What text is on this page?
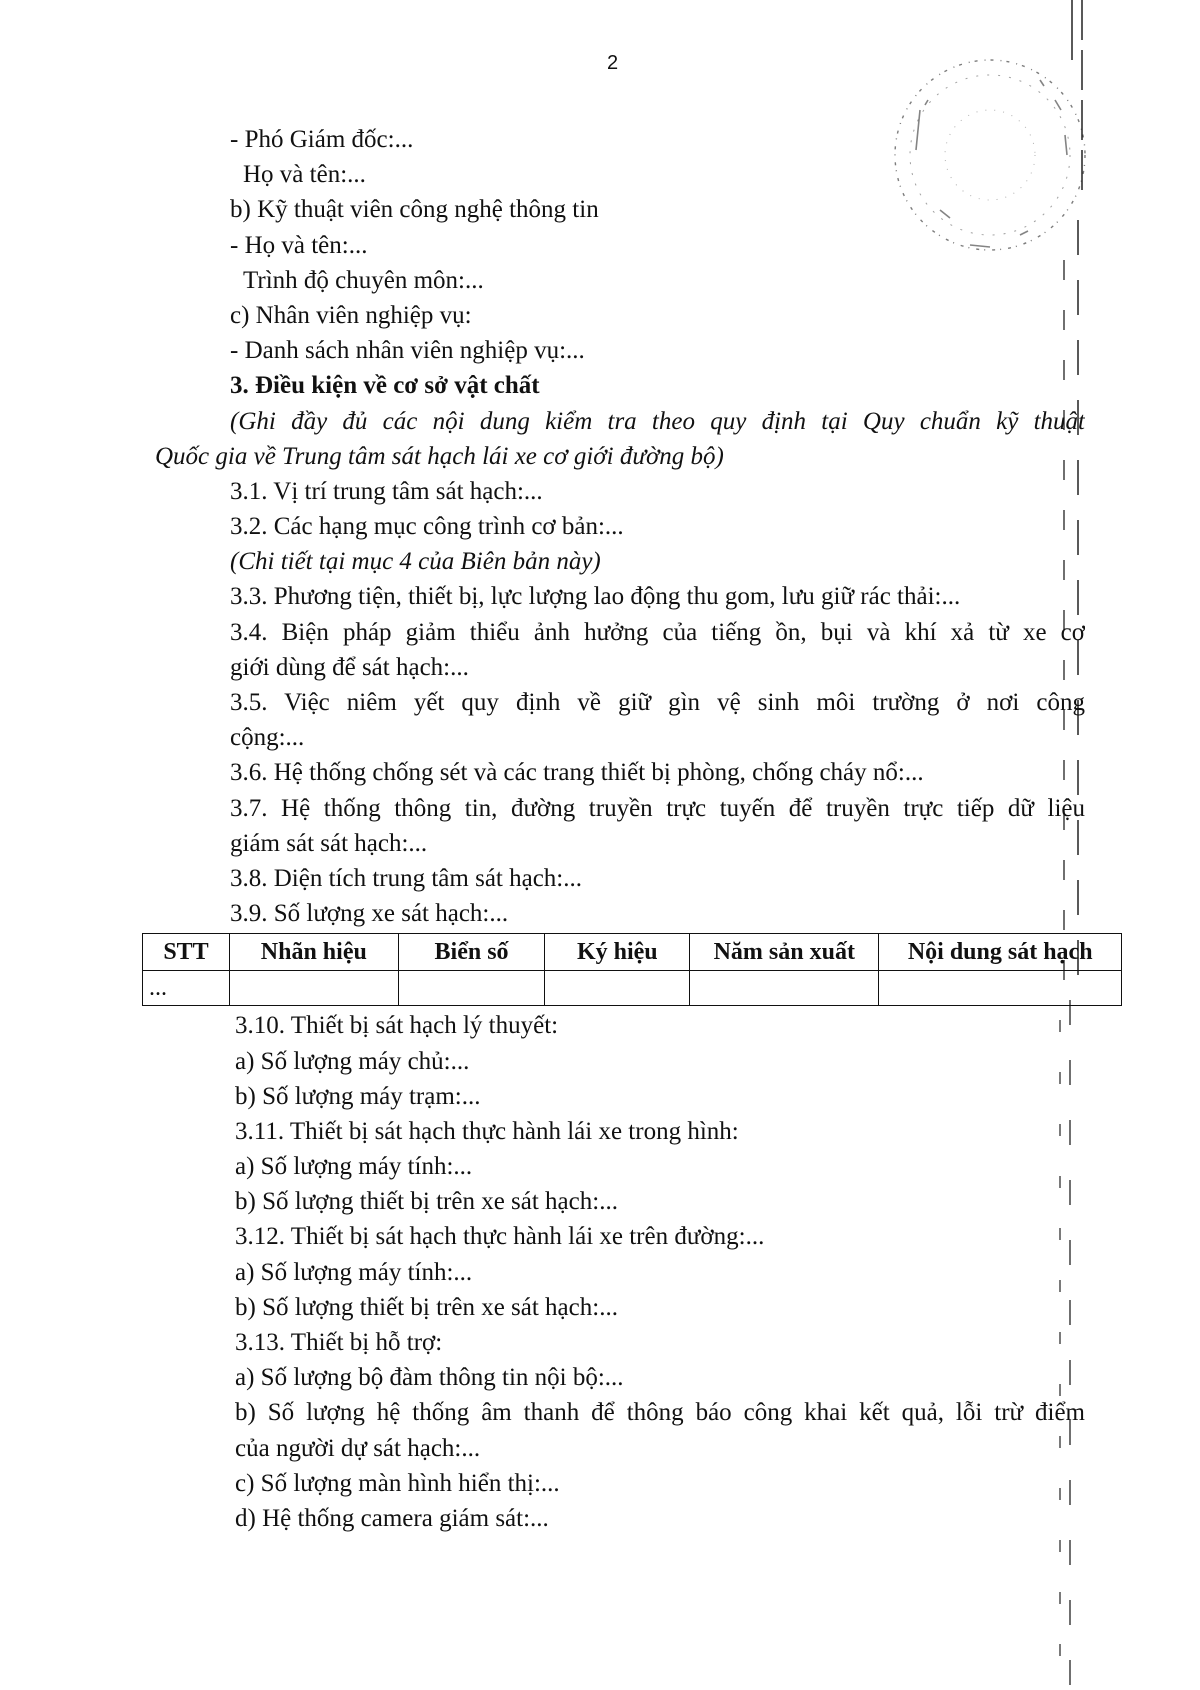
2
- Phó Giám đốc:...
Họ và tên:...
b) Kỹ thuật viên công nghệ thông tin
- Họ và tên:...
Trình độ chuyên môn:...
c) Nhân viên nghiệp vụ:
- Danh sách nhân viên nghiệp vụ:...
3. Điều kiện về cơ sở vật chất
(Ghi đầy đủ các nội dung kiểm tra theo quy định tại Quy chuẩn kỹ thuật
Quốc gia về Trung tâm sát hạch lái xe cơ giới đường bộ)
3.1. Vị trí trung tâm sát hạch:...
3.2. Các hạng mục công trình cơ bản:...
(Chi tiết tại mục 4 của Biên bản này)
3.3. Phương tiện, thiết bị, lực lượng lao động thu gom, lưu giữ rác thải:...
3.4. Biện pháp giảm thiểu ảnh hưởng của tiếng ồn, bụi và khí xả từ xe cơ
giới dùng để sát hạch:...
3.5. Việc niêm yết quy định về giữ gìn vệ sinh môi trường ở nơi công
cộng:...
3.6. Hệ thống chống sét và các trang thiết bị phòng, chống cháy nổ:...
3.7. Hệ thống thông tin, đường truyền trực tuyến để truyền trực tiếp dữ liệu
giám sát sát hạch:...
3.8. Diện tích trung tâm sát hạch:...
3.9. Số lượng xe sát hạch:...
STT	Nhãn hiệu	Biển số	Ký hiệu	Năm sản xuất	Nội dung sát hạch
...					
3.10. Thiết bị sát hạch lý thuyết:
a) Số lượng máy chủ:...
b) Số lượng máy trạm:...
3.11. Thiết bị sát hạch thực hành lái xe trong hình:
a) Số lượng máy tính:...
b) Số lượng thiết bị trên xe sát hạch:...
3.12. Thiết bị sát hạch thực hành lái xe trên đường:...
a) Số lượng máy tính:...
b) Số lượng thiết bị trên xe sát hạch:...
3.13. Thiết bị hỗ trợ:
a) Số lượng bộ đàm thông tin nội bộ:...
b) Số lượng hệ thống âm thanh để thông báo công khai kết quả, lỗi trừ điểm
của người dự sát hạch:...
c) Số lượng màn hình hiển thị:...
d) Hệ thống camera giám sát:...
